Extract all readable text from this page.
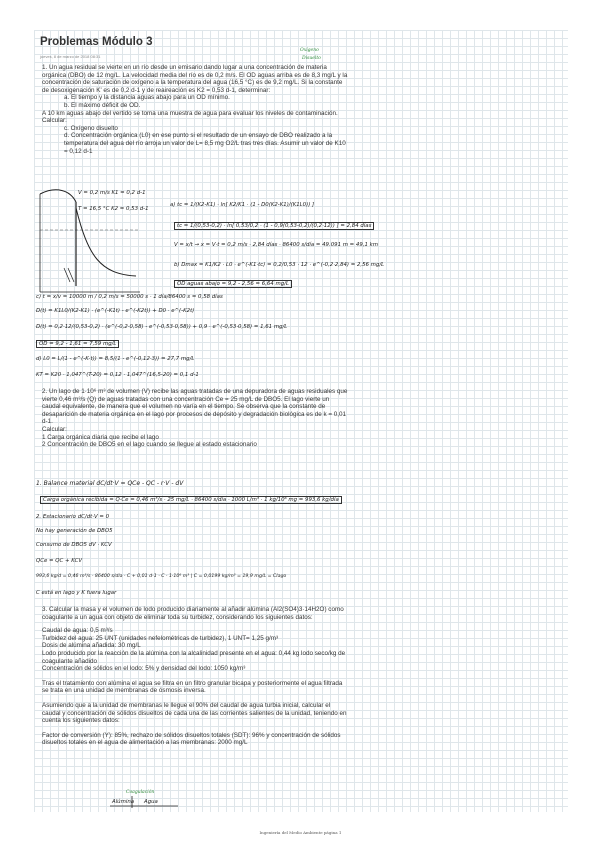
Problemas Módulo 3
jueves, 8 de marzo de 2018 08:31
Oxígeno
Disuelto

1. Un agua residual se vierte en un río desde un emisario dando lugar a una concentración de materia orgánica (DBO) de 12 mg/L. La velocidad media del río es de 0,2 m/s. El OD aguas arriba es de 8,3 mg/L y la concentración de saturación de oxígeno a la temperatura del agua (16,5 °C) es de 9,2 mg/L. Si la constante de desoxigenación K' es de 0,2 d-1 y de reaireación es K2 = 0,53 d-1, determinar:

a. El tiempo y la distancia aguas abajo para un OD mínimo.

b. El máximo déficit de OD.

A 10 km aguas abajo del vertido se toma una muestra de agua para evaluar los niveles de contaminación. Calcular:

c. Oxígeno disuelto

d. Concentración orgánica (L0) en ese punto si el resultado de un ensayo de DBO realizado a la temperatura del agua del río arroja un valor de L= 8,5 mg O2/L tras tres días. Asumir un valor de K10 = 0,12 d-1

V = 0,2 m/s K1 = 0,2 d-1
T = 16,5 °C K2 = 0,53 d-1
a) tc = 1/(K2-K1) · ln[ K2/K1 · (1 - D0(K2-K1)/(K1L0)) ]
tc = 1/(0,53-0,2) · ln[ 0,53/0,2 · (1 - 0,9(0,53-0,2)/(0,2·12)) ] = 2,84 días
V = x/t → x = V·t = 0,2 m/s · 2,84 días · 86400 s/día = 49.091 m = 49,1 km
b) Dmax = K1/K2 · L0 · e^(-K1·tc) = 0,2/0,53 · 12 · e^(-0,2·2,84) = 2,56 mg/L
OD aguas abajo = 9,2 - 2,56 = 6,64 mg/L
c) t = x/v = 10000 m / 0,2 m/s = 50000 s · 1 día/86400 s = 0,58 días
D(t) = K1L0/(K2-K1) · (e^(-K1t) - e^(-K2t)) + D0 · e^(-K2t)
D(t) = 0,2·12/(0,53-0,2) · (e^(-0,2·0,58) - e^(-0,53·0,58)) + 0,9 · e^(-0,53·0,58) = 1,61 mg/L
OD = 9,2 - 1,61 = 7,59 mg/L
d) L0 = L/(1 - e^(-K·t)) = 8,5/(1 - e^(-0,12·3)) = 27,7 mg/L
KT = K20 · 1,047^(T-20) = 0,12 · 1,047^(16,5-20) = 0,1 d-1

2. Un lago de 1·10⁶ m³ de volumen (V) recibe las aguas tratadas de una depuradora de aguas residuales que vierte 0,46 m³/s (Q) de aguas tratadas con una concentración Ce = 25 mg/L de DBO5. El lago vierte un caudal equivalente, de manera que el volumen no varía en el tiempo. Se observa que la constante de desaparición de materia orgánica en el lago por procesos de depósito y degradación biológica es de k = 0,01 d-1.

Calcular:

1 Carga orgánica diaria que recibe el lago

2 Concentración de DBO5 en el lago cuando se llegue al estado estacionario

1. Balance material dC/dt·V = QCe - QC - r·V - dV
Carga orgánica recibida = Q·Ce = 0,46 m³/s · 25 mg/L · 86400 s/día · 1000 L/m³ · 1 kg/10⁶ mg = 993,6 kg/día
2. Estacionario dC/dt·V = 0
No hay generación de DBO5
Consumo de DBO5 dV · KCV
QCe = QC + KCV
993,6 kg/d = 0,46 m³/s · 86400 s/día · C + 0,01 d-1 · C · 1·10⁶ m³ | C = 0,0199 kg/m³ = 19,9 mg/L = Clago
C está en lago y K fuera lugar

3. Calcular la masa y el volumen de lodo producido diariamente al añadir alúmina (Al2(SO4)3·14H2O) como coagulante a un agua con objeto de eliminar toda su turbidez, considerando los siguientes datos:

Caudal de agua: 0,5 m³/s

Turbidez del agua: 25 UNT (unidades nefelométricas de turbidez), 1 UNT= 1,25 g/m³

Dosis de alúmina añadida: 30 mg/L

Lodo producido por la reacción de la alúmina con la alcalinidad presente en el agua: 0,44 kg lodo seco/kg de coagulante añadido

Concentración de sólidos en el lodo: 5% y densidad del lodo: 1050 kg/m³

Tras el tratamiento con alúmina el agua se filtra en un filtro granular bicapa y posteriormente el agua filtrada se trata en una unidad de membranas de ósmosis inversa.

Asumiendo que a la unidad de membranas le llegue el 90% del caudal de agua turbia inicial, calcular el caudal y concentración de sólidos disueltos de cada una de las corrientes salientes de la unidad, teniendo en cuenta los siguientes datos:

Factor de conversión (Y): 85%, rechazo de sólidos disueltos totales (SDT): 96% y concentración de sólidos disueltos totales en el agua de alimentación a las membranas: 2000 mg/L

Coagulación
Alúmina Agua
Ingeniería del Medio Ambiente página 1
